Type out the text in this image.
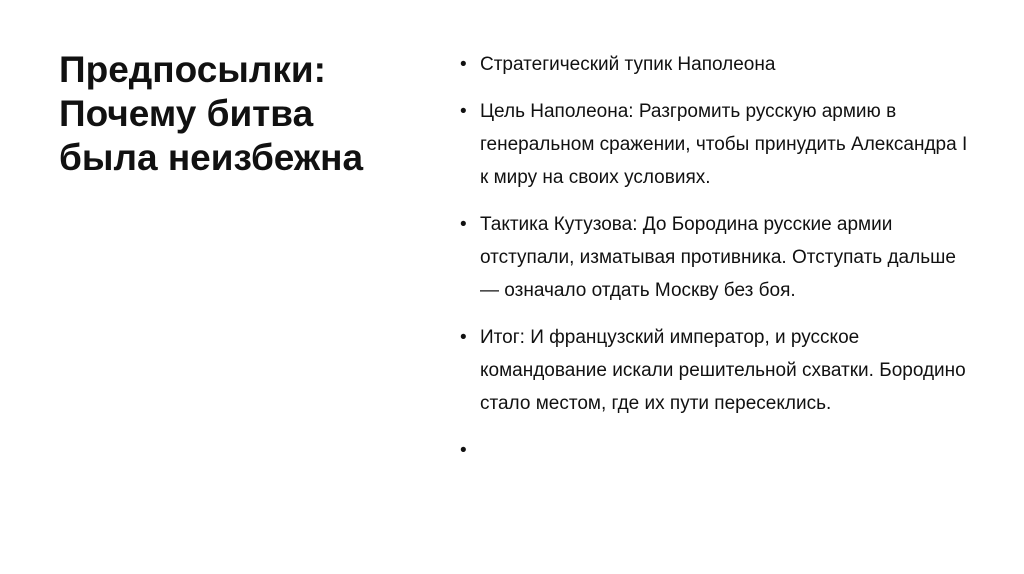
Предпосылки:
Почему битва
была неизбежна
• Стратегический тупик Наполеона
• Цель Наполеона: Разгромить русскую армию в генеральном сражении, чтобы принудить Александра I к миру на своих условиях.
• Тактика Кутузова: До Бородина русские армии отступали, изматывая противника. Отступать дальше — означало отдать Москву без боя.
• Итог: И французский император, и русское командование искали решительной схватки. Бородино стало местом, где их пути пересеклись.
•
